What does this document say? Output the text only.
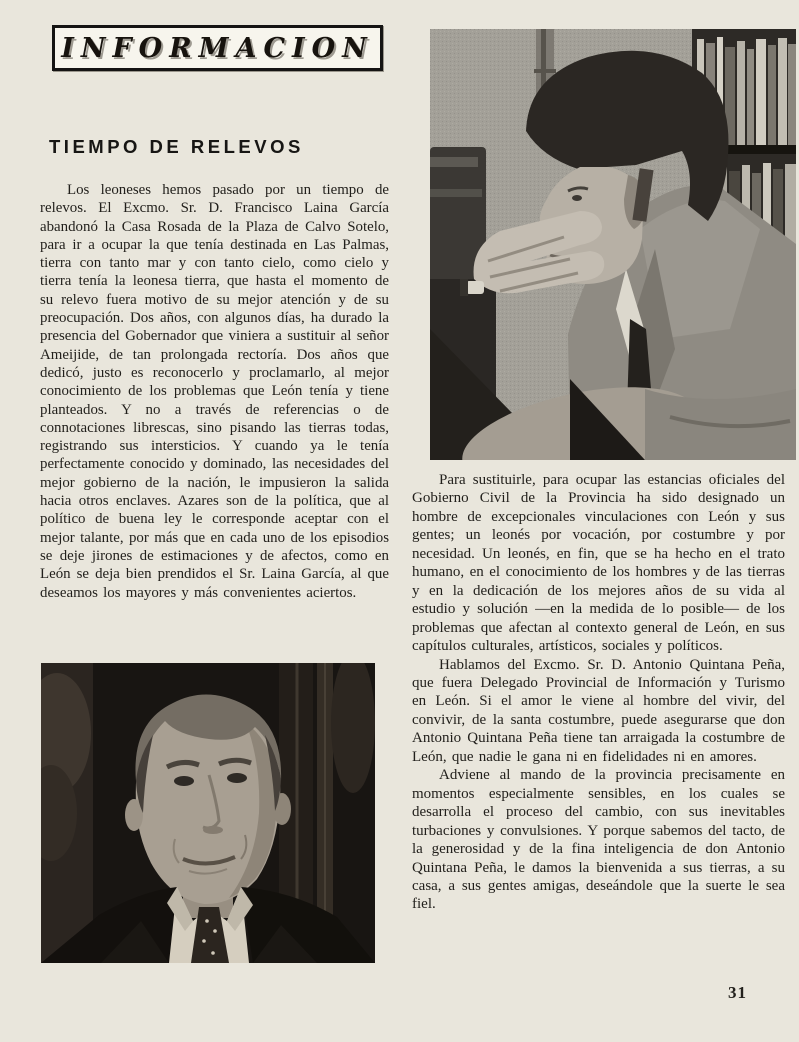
INFORMACION
TIEMPO DE RELEVOS

Los leoneses hemos pasado por un tiempo de relevos. El Excmo. Sr. D. Francisco Laina García abandonó la Casa Rosada de la Plaza de Calvo Sotelo, para ir a ocupar la que tenía destinada en Las Palmas, tierra con tanto mar y con tanto cielo, como cielo y tierra tenía la leonesa tierra, que hasta el momento de su relevo fuera motivo de su mejor atención y de su preocupación. Dos años, con algunos días, ha durado la presencia del Gobernador que viniera a sustituir al señor Ameijide, de tan prolongada rectoría. Dos años que dedicó, justo es reconocerlo y proclamarlo, al mejor conocimiento de los problemas que León tenía y tiene planteados. Y no a través de referencias o de connotaciones librescas, sino pisando las tierras todas, registrando sus intersticios. Y cuando ya le tenía perfectamente conocido y dominado, las necesidades del mejor gobierno de la nación, le impusieron la salida hacia otros enclaves. Azares son de la política, que al político de buena ley le corresponde aceptar con el mejor talante, por más que en cada uno de los episodios se deje jirones de estimaciones y de afectos, como en León se deja bien prendidos el Sr. Laina García, al que deseamos los mayores y más convenientes aciertos.

Para sustituirle, para ocupar las estancias oficiales del Gobierno Civil de la Provincia ha sido designado un hombre de excepcionales vinculaciones con León y sus gentes; un leonés por vocación, por costumbre y por necesidad. Un leonés, en fin, que se ha hecho en el trato humano, en el conocimiento de los hombres y de las tierras y en la dedicación de los mejores años de su vida al estudio y solución —en la medida de lo posible— de los problemas que afectan al contexto general de León, en sus capítulos culturales, artísticos, sociales y políticos.

Hablamos del Excmo. Sr. D. Antonio Quintana Peña, que fuera Delegado Provincial de Información y Turismo en León. Si el amor le viene al hombre del vivir, del convivir, de la santa costumbre, puede asegurarse que don Antonio Quintana Peña tiene tan arraigada la costumbre de León, que nadie le gana ni en fidelidades ni en amores.

Adviene al mando de la provincia precisamente en momentos especialmente sensibles, en los cuales se desarrolla el proceso del cambio, con sus inevitables turbaciones y convulsiones. Y porque sabemos del tacto, de la generosidad y de la fina inteligencia de don Antonio Quintana Peña, le damos la bienvenida a sus tierras, a su casa, a sus gentes amigas, deseándole que la suerte le sea fiel.

31
